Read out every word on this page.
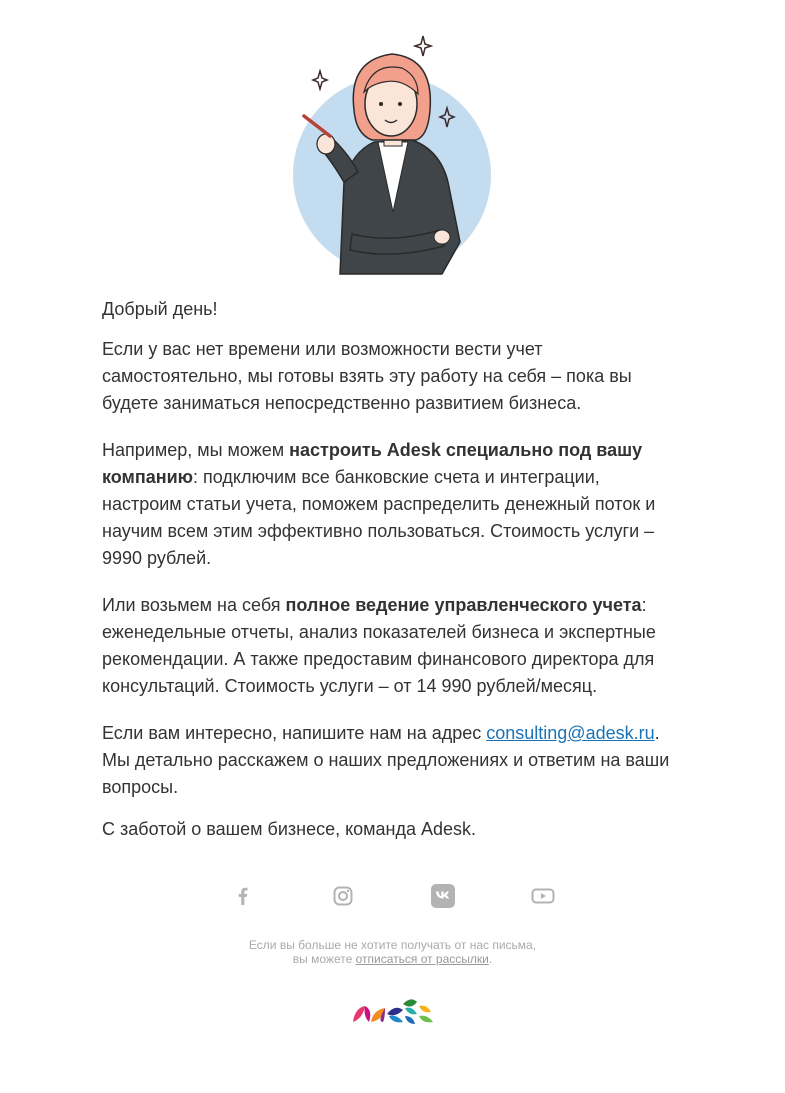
Добрый день!

Если у вас нет времени или возможности вести учет самостоятельно, мы готовы взять эту работу на себя – пока вы будете заниматься непосредственно развитием бизнеса.

Например, мы можем настроить Adesk специально под вашу компанию: подключим все банковские счета и интеграции, настроим статьи учета, поможем распределить денежный поток и научим всем этим эффективно пользоваться. Стоимость услуги – 9990 рублей.

Или возьмем на себя полное ведение управленческого учета: еженедельные отчеты, анализ показателей бизнеса и экспертные рекомендации. А также предоставим финансового директора для консультаций. Стоимость услуги – от 14 990 рублей/месяц.

Если вам интересно, напишите нам на адрес consulting@adesk.ru. Мы детально расскажем о наших предложениях и ответим на ваши вопросы.

С заботой о вашем бизнесе, команда Adesk.

Если вы больше не хотите получать от нас письма,
вы можете отписаться от рассылки.
